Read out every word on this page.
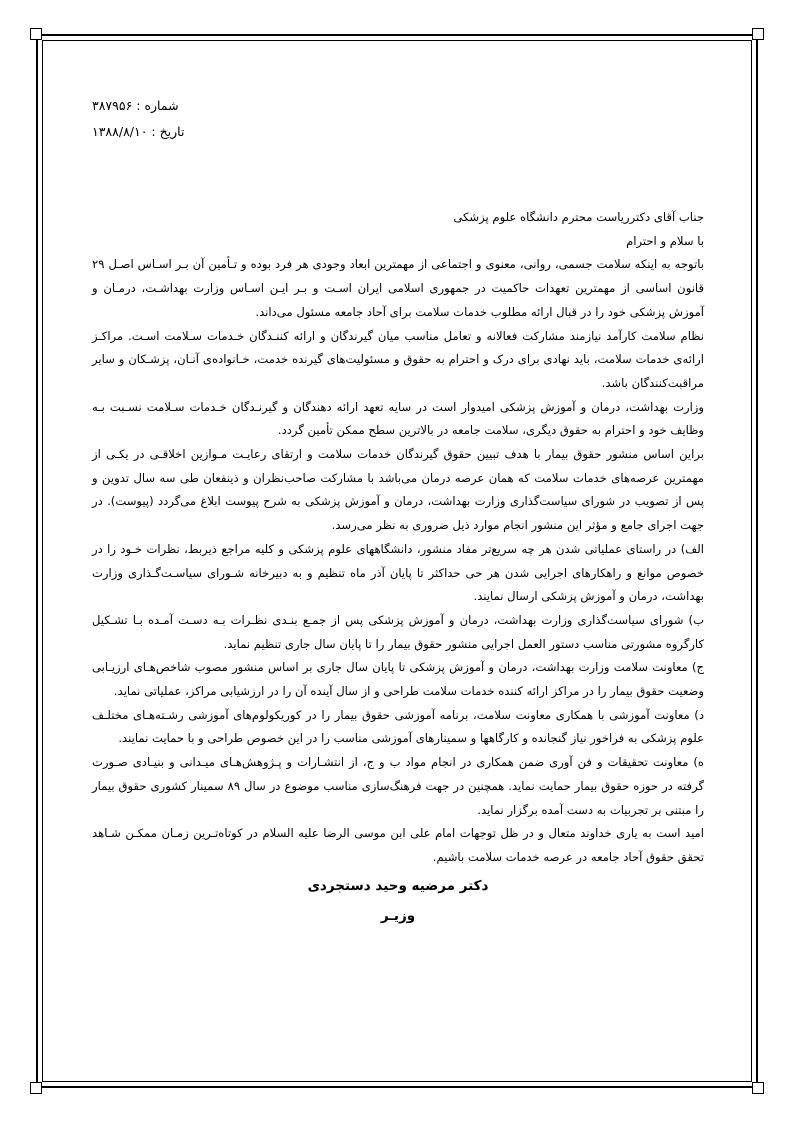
شماره : ۳۸۷۹۵۶
تاریخ : ۱۳۸۸/۸/۱۰

جناب آقای دکتررياست محترم دانشگاه علوم پزشکی

با سلام و احترام

باتوجه به اینکه سلامت جسمی، روانی، معنوی و اجتماعی از مهمترین ابعاد وجودی هر فرد بوده و تـأمین آن بـر اسـاس اصـل ۲۹ قانون اساسی از مهمترین تعهدات حاکمیت در جمهوری اسلامی ایران اسـت و بـر ایـن اسـاس وزارت بهداشـت، درمـان و آموزش پزشکی خود را در قبال ارائه مطلوب خدمات سلامت برای آحاد جامعه مسئول می‌داند.

نظام سلامت کارآمد نیازمند مشارکت فعالانه و تعامل مناسب میان گیرندگان و ارائه کننـدگان خـدمات سـلامت اسـت. مراکـز ارائه‌ی خدمات سلامت، باید نهادی برای درک و احترام به حقوق و مسئولیت‌های گیرنده خدمت، خـانواده‌ی آنـان، پزشـکان و سایر مراقبت‌کنندگان باشد.

وزارت بهداشت، درمان و آموزش پزشکی امیدوار است در سایه تعهد ارائه دهندگان و گیرنـدگان خـدمات سـلامت نسـبت بـه وظایف خود و احترام به حقوق دیگری، سلامت جامعه در بالاترین سطح ممکن تأمین گردد.

براین اساس منشور حقوق بیمار با هدف تبیین حقوق گیرندگان خدمات سلامت و ارتقای رعایـت مـوازین اخلاقـی در یکـی از مهمترین عرصه‌های خدمات سلامت که همان عرصه درمان می‌باشد با مشارکت صاحب‌نظران و ذینفعان طی سه سال تدوین و پس از تصویب در شورای سیاست‌گذاری وزارت بهداشت، درمان و آموزش پزشکی به شرح پیوست ابلاغ می‌گردد (پیوست). در جهت اجرای جامع و مؤثر این منشور انجام موارد ذیل ضروری به نظر می‌رسد.

الف) در راستای عملیاتی شدن هر چه سریع‌تر مفاد منشور، دانشگاههای علوم پزشکی و کلیه مراجع ذیربط، نظرات خـود را در خصوص موانع و راهکارهای اجرایی شدن هر حی حداکثر تا پایان آذر ماه تنظیم و به دبیرخانه شـورای سیاسـت‌گـذاری وزارت بهداشت، درمان و آموزش پزشکی ارسال نمایند.

ب) شورای سیاست‌گذاری وزارت بهداشت، درمان و آموزش پزشکی پس از جمـع بنـدی نظـرات بـه دسـت آمـده بـا تشـکیل کارگروه مشورتی مناسب دستور العمل اجرایی منشور حقوق بیمار را تا پایان سال جاری تنظیم نماید.

ج) معاونت سلامت وزارت بهداشت، درمان و آموزش پزشکی تا پایان سال جاری بر اساس منشور مصوب شاخص‌هـای ارزیـابی وضعیت حقوق بیمار را در مراکز ارائه کننده خدمات سلامت طراحی و از سال آینده آن را در ارزشیابی مراکز، عملیاتی نماید.

د) معاونت آموزشی با همکاری معاونت سلامت، برنامه آموزشی حقوق بیمار را در کوریکولوم‌های آموزشی رشـته‌هـای مختلـف علوم پزشکی به فراخور نیاز گنجانده و کارگاهها و سمینارهای آموزشی مناسب را در این خصوص طراحی و با حمایت نمایند.

ه) معاونت تحقیقات و فن آوری ضمن همکاری در انجام مواد ب و ج، از انتشـارات و پـژوهش‌هـای میـدانی و بنیـادی صـورت گرفته در حوزه حقوق بیمار حمایت نماید. همچنین در جهت فرهنگ‌سازی مناسب موضوع در سال ۸۹ سمینار کشوری حقوق بیمار را مبتنی بر تجربیات به دست آمده برگزار نماید.

امید است به یاری خداوند متعال و در ظل توجهات امام علی ابن موسی الرضا علیه السلام در کوتاه‌تـرین زمـان ممکـن شـاهد تحقق حقوق آحاد جامعه در عرصه خدمات سلامت باشیم.

دکتر مرضیه وحید دستجردی
وزیـر
